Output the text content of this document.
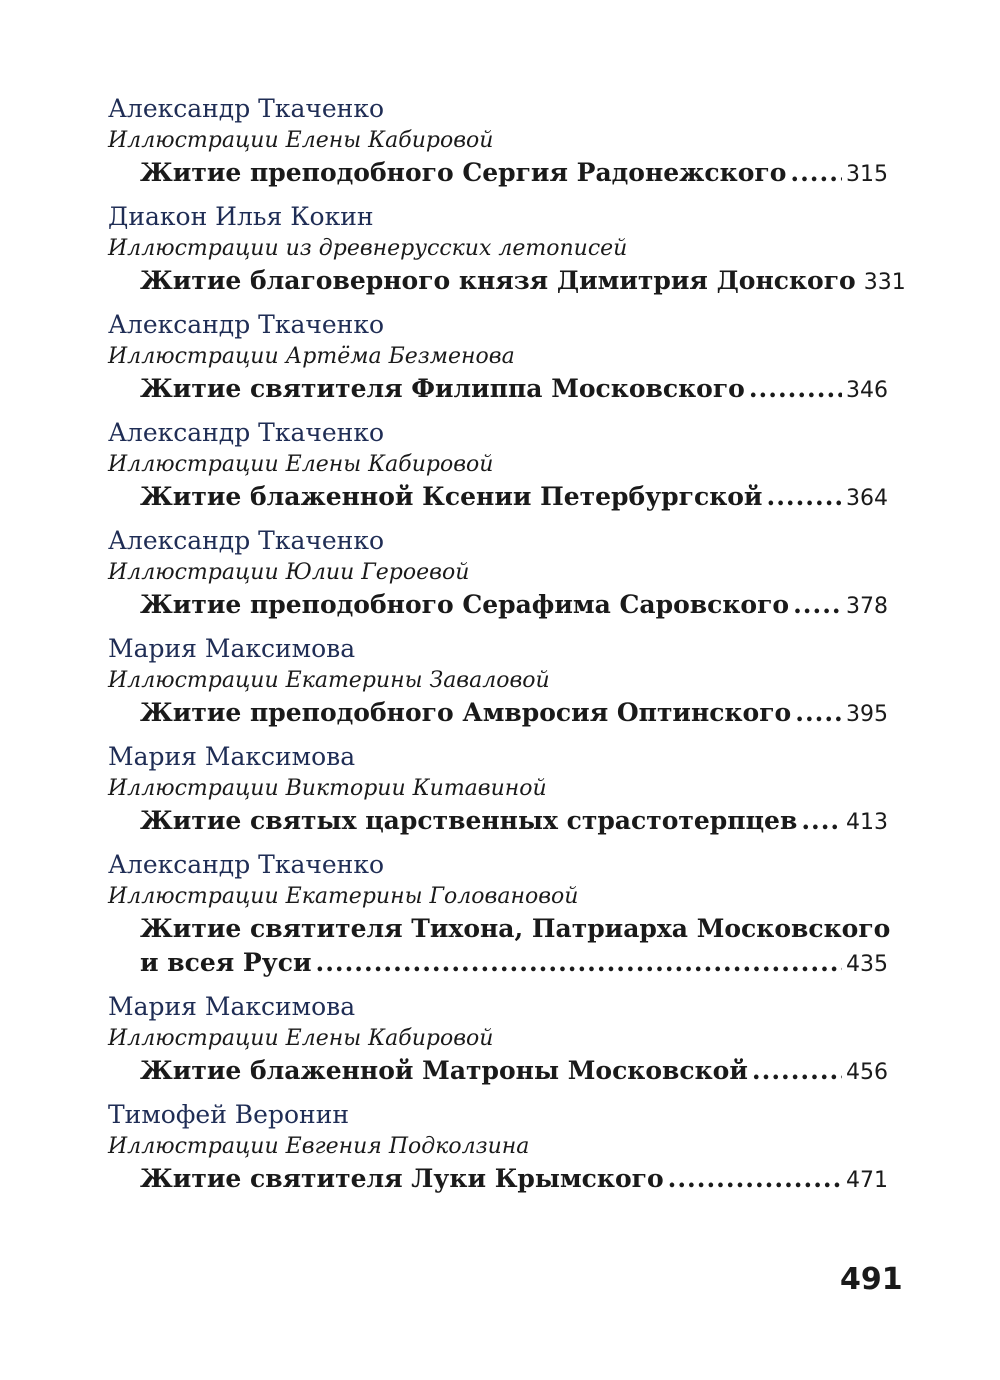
Александр Ткаченко
Иллюстрации Елены Кабировой
Житие преподобного Сергия Радонежского .....	315
Диакон Илья Кокин
Иллюстрации из древнерусских летописей
Житие благоверного князя Димитрия Донского 331
Александр Ткаченко
Иллюстрации Артёма Безменова
Житие святителя Филиппа Московского .....	346
Александр Ткаченко
Иллюстрации Елены Кабировой
Житие блаженной Ксении Петербургской .....	364
Александр Ткаченко
Иллюстрации Юлии Героевой
Житие преподобного Серафима Саровского .....	378
Мария Максимова
Иллюстрации Екатерины Заваловой
Житие преподобного Амвросия Оптинского ..... 395
Мария Максимова
Иллюстрации Виктории Китавиной
Житие святых царственных страстотерпцев ..... 413
Александр Ткаченко
Иллюстрации Екатерины Головановой
Житие святителя Тихона, Патриарха Московского
и всея Руси .....	435
Мария Максимова
Иллюстрации Елены Кабировой
Житие блаженной Матроны Московской .....	456
Тимофей Веронин
Иллюстрации Евгения Подколзина
Житие святителя Луки Крымского .....	471
491
